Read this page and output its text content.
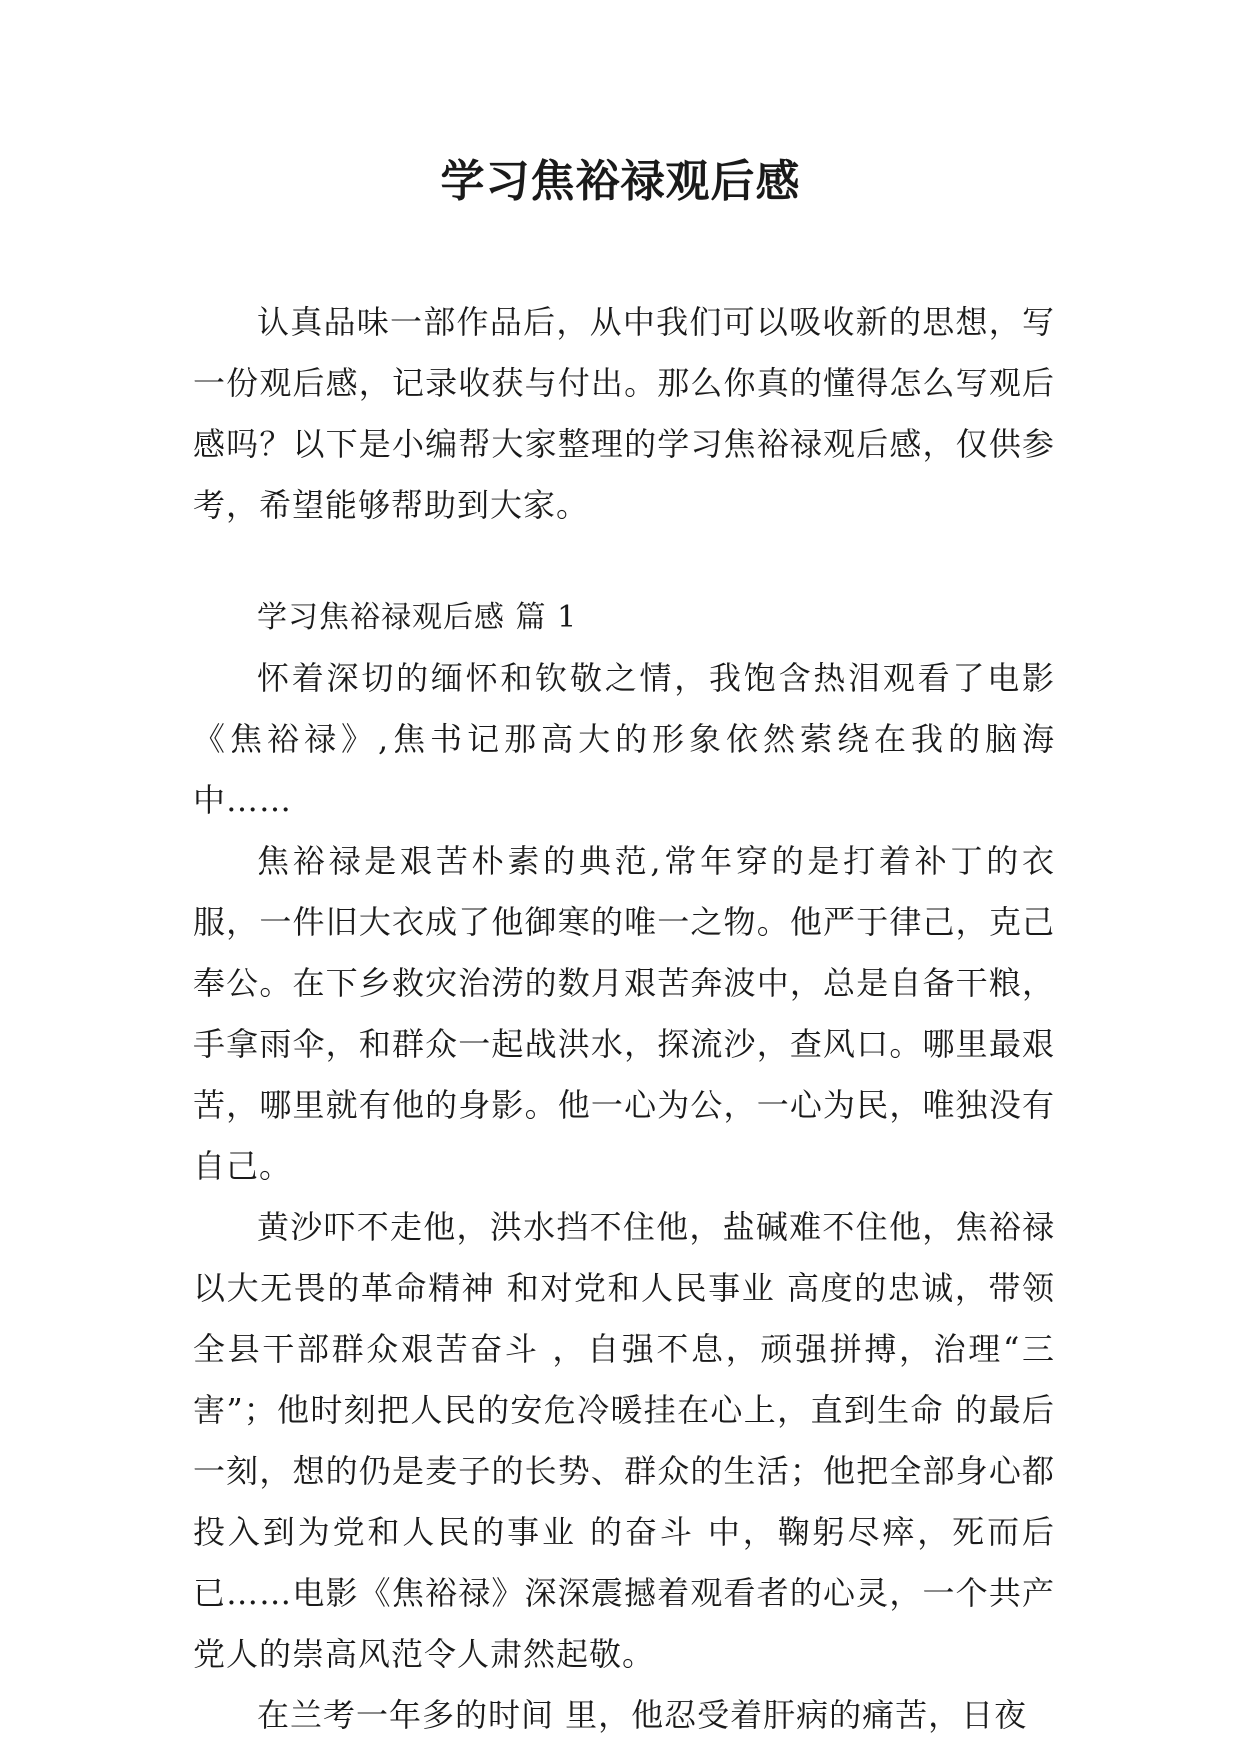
学习焦裕禄观后感

认真品味一部作品后，从中我们可以吸收新的思想，写一份观后感，记录收获与付出。那么你真的懂得怎么写观后感吗？以下是小编帮大家整理的学习焦裕禄观后感，仅供参考，希望能够帮助到大家。

学习焦裕禄观后感 篇 1

怀着深切的缅怀和钦敬之情，我饱含热泪观看了电影《焦裕禄》,焦书记那高大的形象依然萦绕在我的脑海中……

焦裕禄是艰苦朴素的典范,常年穿的是打着补丁的衣服，一件旧大衣成了他御寒的唯一之物。他严于律己，克己奉公。在下乡救灾治涝的数月艰苦奔波中，总是自备干粮，手拿雨伞，和群众一起战洪水，探流沙，查风口。哪里最艰苦，哪里就有他的身影。他一心为公，一心为民，唯独没有自己。

黄沙吓不走他，洪水挡不住他，盐碱难不住他，焦裕禄以大无畏的革命精神 和对党和人民事业 高度的忠诚，带领全县干部群众艰苦奋斗 ，自强不息，顽强拼搏，治理“三害”；他时刻把人民的安危冷暖挂在心上，直到生命 的最后一刻，想的仍是麦子的长势、群众的生活；他把全部身心都投入到为党和人民的事业 的奋斗 中，鞠躬尽瘁，死而后已……电影《焦裕禄》深深震撼着观看者的心灵，一个共产党人的崇高风范令人肃然起敬。

在兰考一年多的时间 里，他忍受着肝病的痛苦，日夜
